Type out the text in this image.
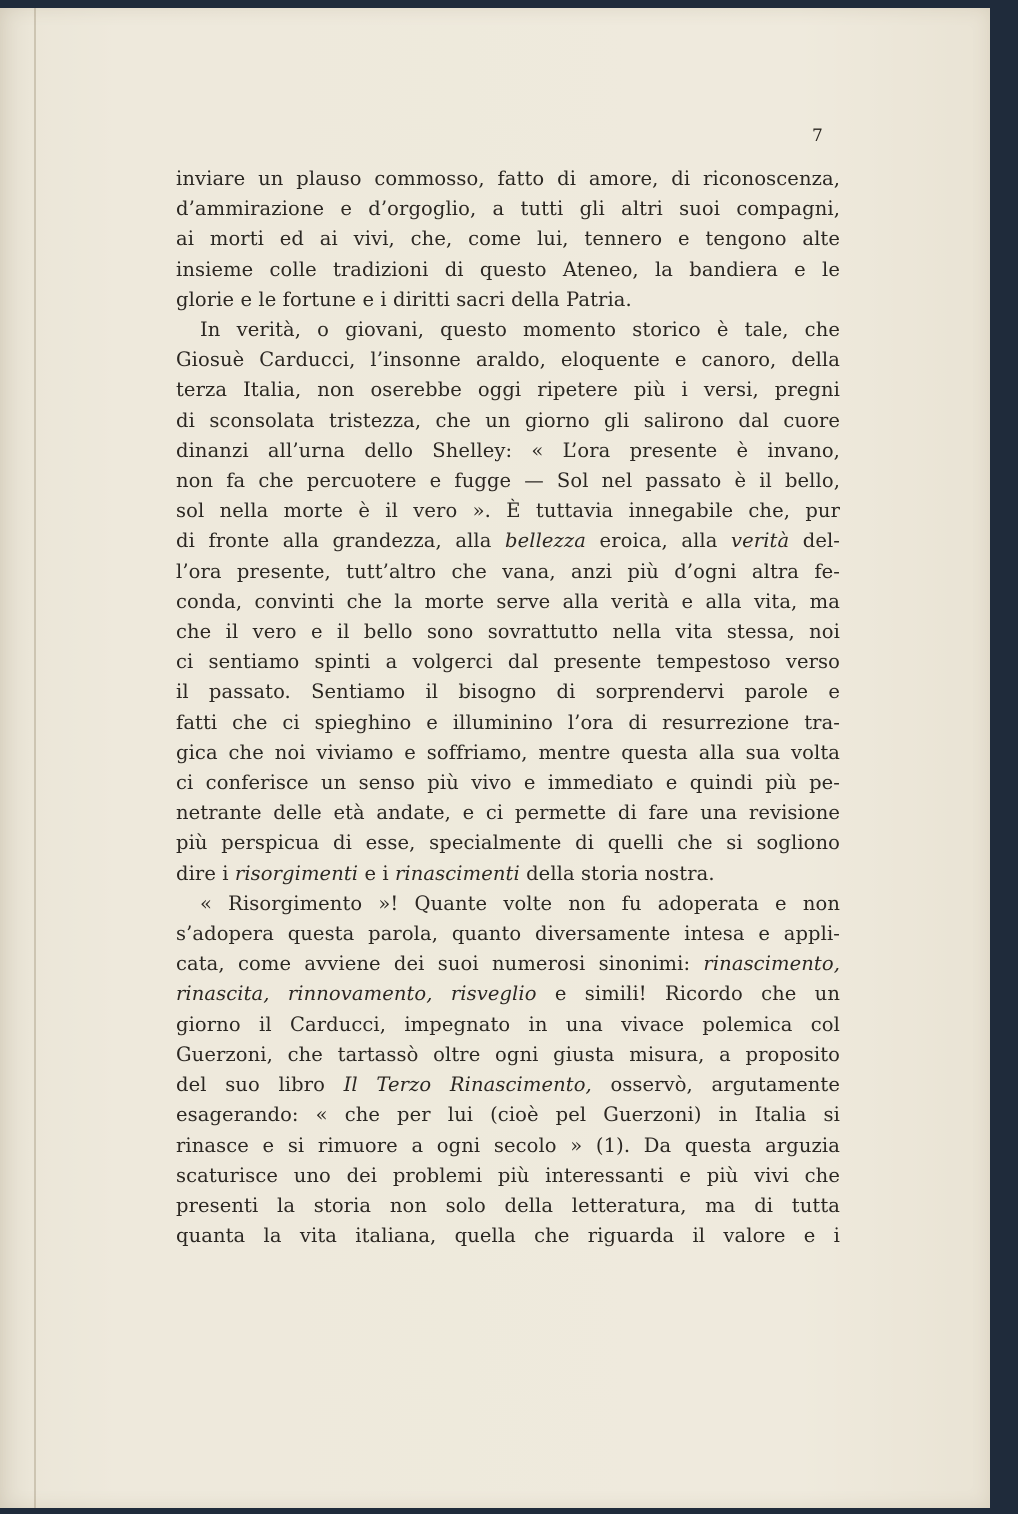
7
inviare un plauso commosso, fatto di amore, di riconoscenza,
d’ammirazione e d’orgoglio, a tutti gli altri suoi compagni,
ai morti ed ai vivi, che, come lui, tennero e tengono alte
insieme colle tradizioni di questo Ateneo, la bandiera e le
glorie e le fortune e i diritti sacri della Patria.
In verità, o giovani, questo momento storico è tale, che
Giosuè Carducci, l’insonne araldo, eloquente e canoro, della
terza Italia, non oserebbe oggi ripetere più i versi, pregni
di sconsolata tristezza, che un giorno gli salirono dal cuore
dinanzi all’urna dello Shelley: « L’ora presente è invano,
non fa che percuotere e fugge — Sol nel passato è il bello,
sol nella morte è il vero ». È tuttavia innegabile che, pur
di fronte alla grandezza, alla bellezza eroica, alla verità del-
l’ora presente, tutt’altro che vana, anzi più d’ogni altra fe-
conda, convinti che la morte serve alla verità e alla vita, ma
che il vero e il bello sono sovrattutto nella vita stessa, noi
ci sentiamo spinti a volgerci dal presente tempestoso verso
il passato. Sentiamo il bisogno di sorprendervi parole e
fatti che ci spieghino e illuminino l’ora di resurrezione tra-
gica che noi viviamo e soffriamo, mentre questa alla sua volta
ci conferisce un senso più vivo e immediato e quindi più pe-
netrante delle età andate, e ci permette di fare una revisione
più perspicua di esse, specialmente di quelli che si sogliono
dire i risorgimenti e i rinascimenti della storia nostra.
« Risorgimento »! Quante volte non fu adoperata e non
s’adopera questa parola, quanto diversamente intesa e appli-
cata, come avviene dei suoi numerosi sinonimi: rinascimento,
rinascita, rinnovamento, risveglio e simili! Ricordo che un
giorno il Carducci, impegnato in una vivace polemica col
Guerzoni, che tartassò oltre ogni giusta misura, a proposito
del suo libro Il Terzo Rinascimento, osservò, argutamente
esagerando: « che per lui (cioè pel Guerzoni) in Italia si
rinasce e si rimuore a ogni secolo » (1). Da questa arguzia
scaturisce uno dei problemi più interessanti e più vivi che
presenti la storia non solo della letteratura, ma di tutta
quanta la vita italiana, quella che riguarda il valore e i
